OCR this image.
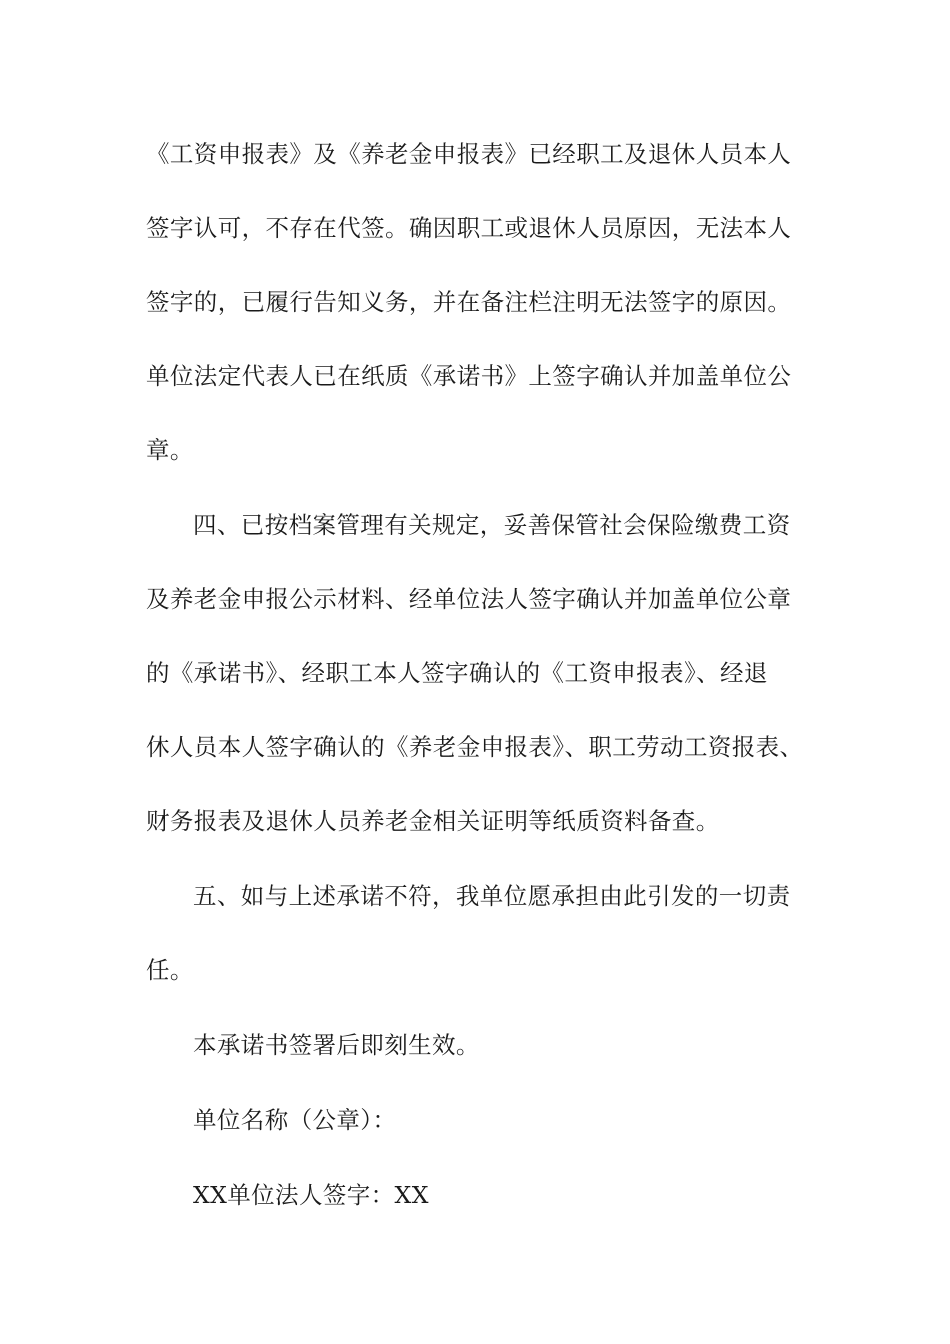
《工资申报表》及《养老金申报表》已经职工及退休人员本人
签字认可，不存在代签。确因职工或退休人员原因，无法本人
签字的，已履行告知义务，并在备注栏注明无法签字的原因。
单位法定代表人已在纸质《承诺书》上签字确认并加盖单位公
章。
四、已按档案管理有关规定，妥善保管社会保险缴费工资
及养老金申报公示材料、经单位法人签字确认并加盖单位公章
的《承诺书》、经职工本人签字确认的《工资申报表》、经退
休人员本人签字确认的《养老金申报表》、职工劳动工资报表、
财务报表及退休人员养老金相关证明等纸质资料备查。
五、如与上述承诺不符，我单位愿承担由此引发的一切责
任。
本承诺书签署后即刻生效。
单位名称（公章）：
XX单位法人签字：XX
